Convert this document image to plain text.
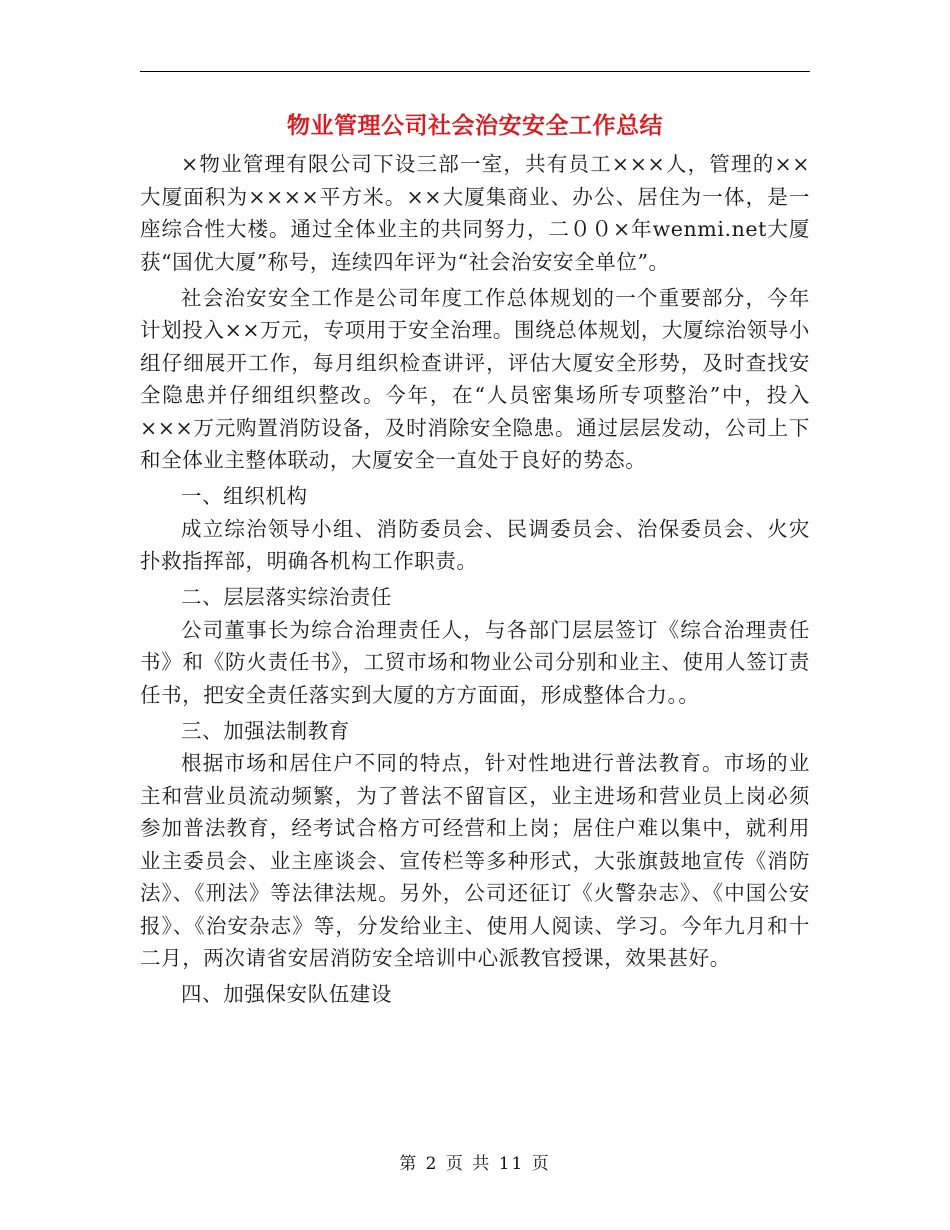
物业管理公司社会治安安全工作总结

×物业管理有限公司下设三部一室，共有员工×××人，管理的××大厦面积为××××平方米。××大厦集商业、办公、居住为一体，是一座综合性大楼。通过全体业主的共同努力，二００×年wenmi.net大厦获“国优大厦”称号，连续四年评为“社会治安安全单位”。

社会治安安全工作是公司年度工作总体规划的一个重要部分，今年计划投入××万元，专项用于安全治理。围绕总体规划，大厦综治领导小组仔细展开工作，每月组织检查讲评，评估大厦安全形势，及时查找安全隐患并仔细组织整改。今年，在“人员密集场所专项整治”中，投入×××万元购置消防设备，及时消除安全隐患。通过层层发动，公司上下和全体业主整体联动，大厦安全一直处于良好的势态。

一、组织机构

成立综治领导小组、消防委员会、民调委员会、治保委员会、火灾扑救指挥部，明确各机构工作职责。

二、层层落实综治责任

公司董事长为综合治理责任人，与各部门层层签订《综合治理责任书》和《防火责任书》，工贸市场和物业公司分别和业主、使用人签订责任书，把安全责任落实到大厦的方方面面，形成整体合力。。

三、加强法制教育

根据市场和居住户不同的特点，针对性地进行普法教育。市场的业主和营业员流动频繁，为了普法不留盲区，业主进场和营业员上岗必须参加普法教育，经考试合格方可经营和上岗；居住户难以集中，就利用业主委员会、业主座谈会、宣传栏等多种形式，大张旗鼓地宣传《消防法》、《刑法》等法律法规。另外，公司还征订《火警杂志》、《中国公安报》、《治安杂志》等，分发给业主、使用人阅读、学习。今年九月和十二月，两次请省安居消防安全培训中心派教官授课，效果甚好。

四、加强保安队伍建设

第 2 页 共 11 页
